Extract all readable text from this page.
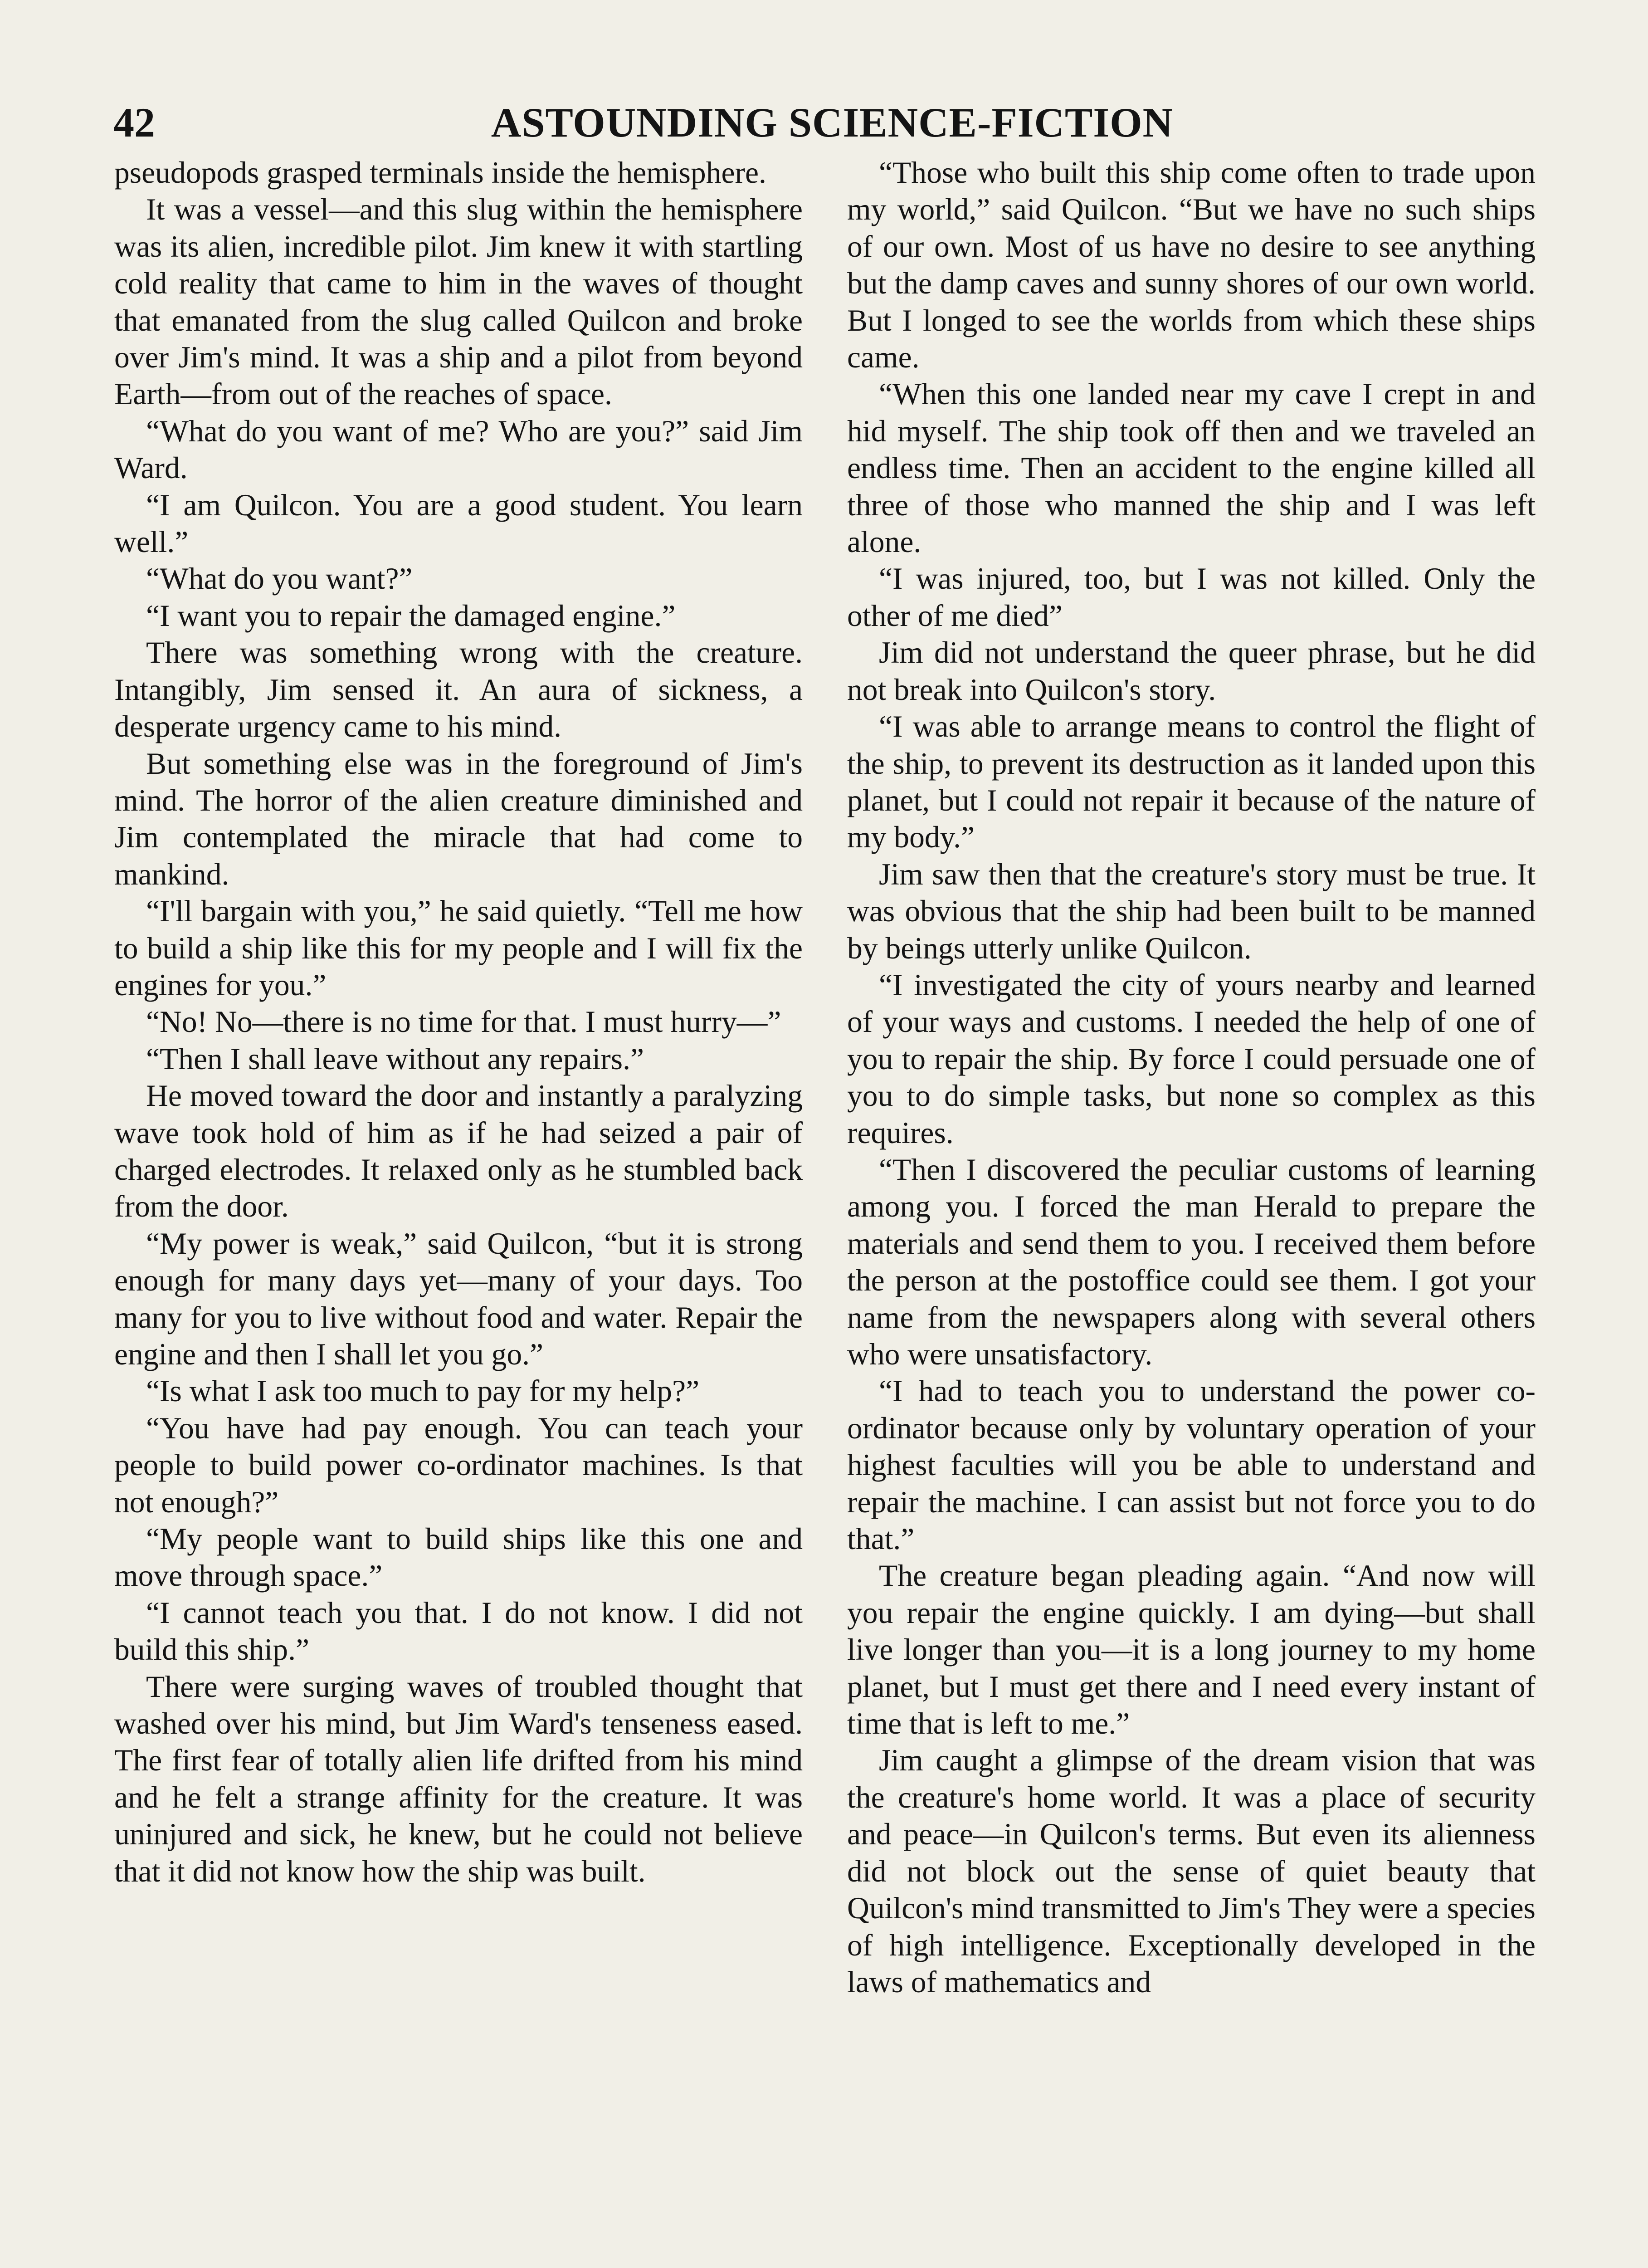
42	ASTOUNDING SCIENCE-FICTION

pseudopods grasped terminals inside the hemisphere.

It was a vessel—and this slug within the hemisphere was its alien, incredible pilot. Jim knew it with startling cold reality that came to him in the waves of thought that emanated from the slug called Quilcon and broke over Jim's mind. It was a ship and a pilot from beyond Earth—from out of the reaches of space.

“What do you want of me? Who are you?” said Jim Ward.

“I am Quilcon. You are a good student. You learn well.”

“What do you want?”

“I want you to repair the damaged engine.”

There was something wrong with the creature. Intangibly, Jim sensed it. An aura of sickness, a desperate urgency came to his mind.

But something else was in the foreground of Jim's mind. The horror of the alien creature diminished and Jim contemplated the miracle that had come to mankind.

“I'll bargain with you,” he said quietly. “Tell me how to build a ship like this for my people and I will fix the engines for you.”

“No! No—there is no time for that. I must hurry—”

“Then I shall leave without any repairs.”

He moved toward the door and instantly a paralyzing wave took hold of him as if he had seized a pair of charged electrodes. It relaxed only as he stumbled back from the door.

“My power is weak,” said Quilcon, “but it is strong enough for many days yet—many of your days. Too many for you to live without food and water. Repair the engine and then I shall let you go.”

“Is what I ask too much to pay for my help?”

“You have had pay enough. You can teach your people to build power co-ordinator machines. Is that not enough?”

“My people want to build ships like this one and move through space.”

“I cannot teach you that. I do not know. I did not build this ship.”

There were surging waves of troubled thought that washed over his mind, but Jim Ward's tenseness eased. The first fear of totally alien life drifted from his mind and he felt a strange affinity for the creature. It was uninjured and sick, he knew, but he could not believe that it did not know how the ship was built.

“Those who built this ship come often to trade upon my world,” said Quilcon. “But we have no such ships of our own. Most of us have no desire to see anything but the damp caves and sunny shores of our own world. But I longed to see the worlds from which these ships came.

“When this one landed near my cave I crept in and hid myself. The ship took off then and we traveled an endless time. Then an accident to the engine killed all three of those who manned the ship and I was left alone.

“I was injured, too, but I was not killed. Only the other of me died”

Jim did not understand the queer phrase, but he did not break into Quilcon's story.

“I was able to arrange means to control the flight of the ship, to prevent its destruction as it landed upon this planet, but I could not repair it because of the nature of my body.”

Jim saw then that the creature's story must be true. It was obvious that the ship had been built to be manned by beings utterly unlike Quilcon.

“I investigated the city of yours nearby and learned of your ways and customs. I needed the help of one of you to repair the ship. By force I could persuade one of you to do simple tasks, but none so complex as this requires.

“Then I discovered the peculiar customs of learning among you. I forced the man Herald to prepare the materials and send them to you. I received them before the person at the postoffice could see them. I got your name from the newspapers along with several others who were unsatisfactory.

“I had to teach you to understand the power co-ordinator because only by voluntary operation of your highest faculties will you be able to understand and repair the machine. I can assist but not force you to do that.”

The creature began pleading again. “And now will you repair the engine quickly. I am dying—but shall live longer than you—it is a long journey to my home planet, but I must get there and I need every instant of time that is left to me.”

Jim caught a glimpse of the dream vision that was the creature's home world. It was a place of security and peace—in Quilcon's terms. But even its alienness did not block out the sense of quiet beauty that Quilcon's mind transmitted to Jim's They were a species of high intelligence. Exceptionally developed in the laws of mathematics and
